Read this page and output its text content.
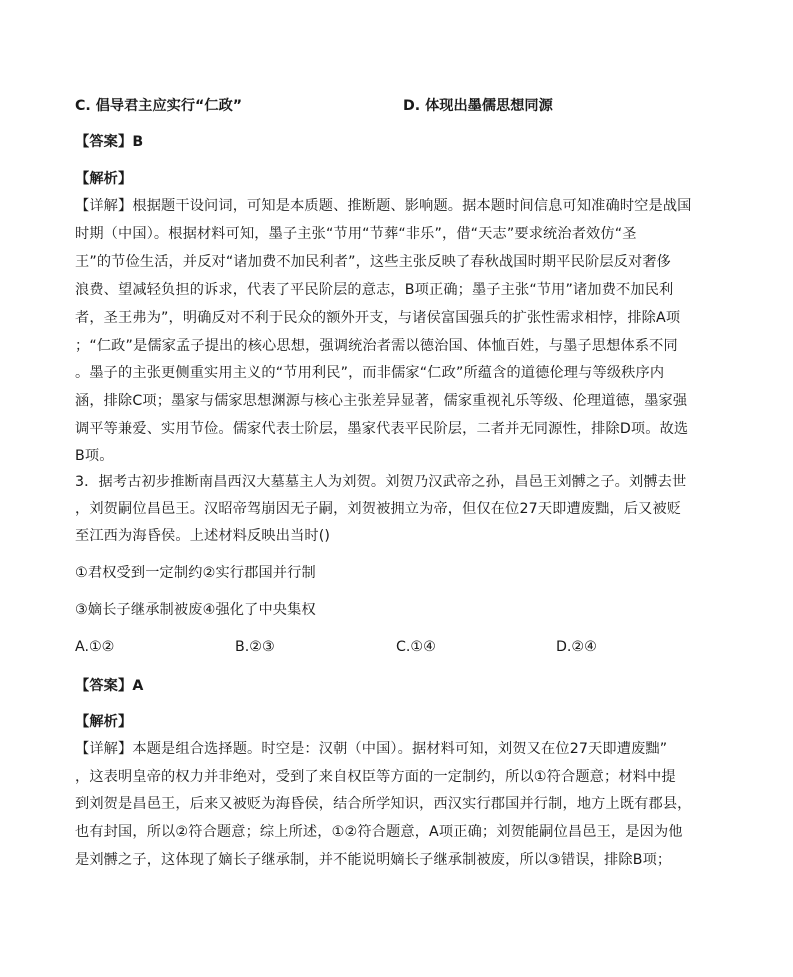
C. 倡导君主应实行“仁政”	D. 体现出墨儒思想同源
【答案】B
【解析】
【详解】根据题干设问词，可知是本质题、推断题、影响题。据本题时间信息可知准确时空是战国
时期（中国）。根据材料可知，墨子主张“节用“节葬“非乐”，借“天志”要求统治者效仿“圣
王”的节俭生活，并反对“诸加费不加民利者”，这些主张反映了春秋战国时期平民阶层反对奢侈
浪费、望减轻负担的诉求，代表了平民阶层的意志，B项正确；墨子主张“节用”诸加费不加民利
者，圣王弗为”，明确反对不利于民众的额外开支，与诸侯富国强兵的扩张性需求相悖，排除A项
；“仁政”是儒家孟子提出的核心思想，强调统治者需以德治国、体恤百姓，与墨子思想体系不同
。墨子的主张更侧重实用主义的“节用利民”，而非儒家“仁政”所蕴含的道德伦理与等级秩序内
涵，排除C项；墨家与儒家思想渊源与核心主张差异显著，儒家重视礼乐等级、伦理道德，墨家强
调平等兼爱、实用节俭。儒家代表士阶层，墨家代表平民阶层，二者并无同源性，排除D项。故选
B项。
3．据考古初步推断南昌西汉大墓墓主人为刘贺。刘贺乃汉武帝之孙，昌邑王刘髆之子。刘髆去世
，刘贺嗣位昌邑王。汉昭帝驾崩因无子嗣，刘贺被拥立为帝，但仅在位27天即遭废黜，后又被贬
至江西为海昏侯。上述材料反映出当时()
①君权受到一定制约②实行郡国并行制
③嫡长子继承制被废④强化了中央集权
A.①②	B.②③	C.①④	D.②④
【答案】A
【解析】
【详解】本题是组合选择题。时空是：汉朝（中国）。据材料可知，刘贺又在位27天即遭废黜”
，这表明皇帝的权力并非绝对，受到了来自权臣等方面的一定制约，所以①符合题意；材料中提
到刘贺是昌邑王，后来又被贬为海昏侯，结合所学知识，西汉实行郡国并行制，地方上既有郡县，
也有封国，所以②符合题意；综上所述，①②符合题意，A项正确；刘贺能嗣位昌邑王，是因为他
是刘髆之子，这体现了嫡长子继承制，并不能说明嫡长子继承制被废，所以③错误，排除B项；
